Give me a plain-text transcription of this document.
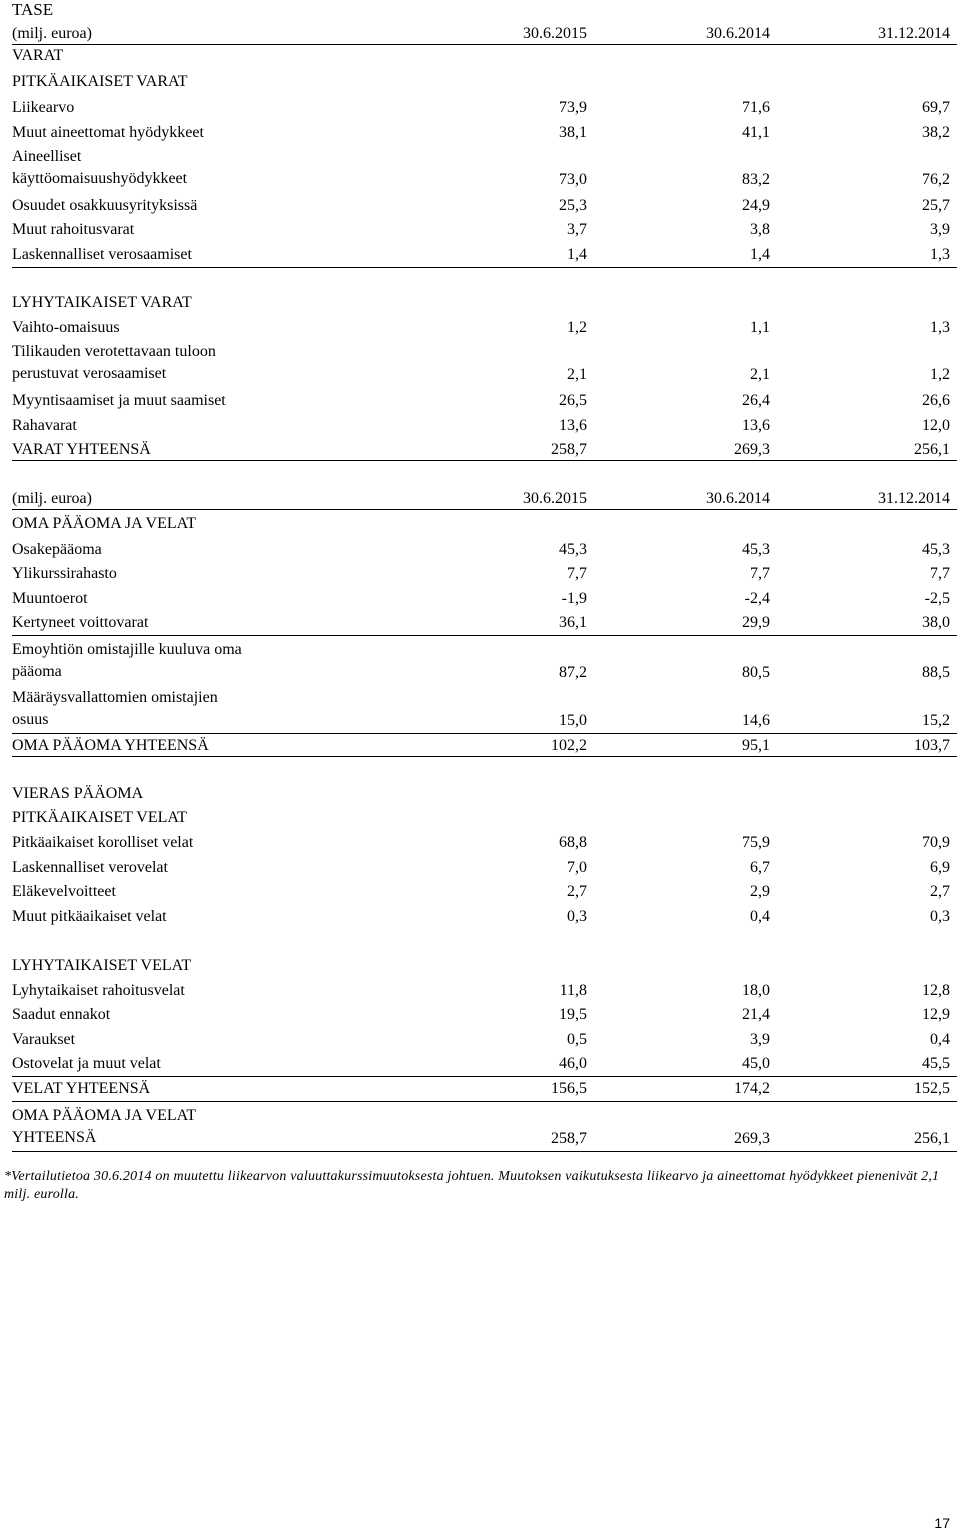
TASE
(milj. euroa)	30.6.2015	30.6.2014	31.12.2014
VARAT
PITKÄAIKAISET VARAT
Liikearvo	73,9	71,6	69,7
Muut aineettomat hyödykkeet	38,1	41,1	38,2
Aineelliset
käyttöomaisuushyödykkeet	73,0	83,2	76,2
Osuudet osakkuusyrityksissä	25,3	24,9	25,7
Muut rahoitusvarat	3,7	3,8	3,9
Laskennalliset verosaamiset	1,4	1,4	1,3
LYHYTAIKAISET VARAT
Vaihto-omaisuus	1,2	1,1	1,3
Tilikauden verotettavaan tuloon
perustuvat verosaamiset	2,1	2,1	1,2
Myyntisaamiset ja muut saamiset	26,5	26,4	26,6
Rahavarat	13,6	13,6	12,0
VARAT YHTEENSÄ	258,7	269,3	256,1
(milj. euroa)	30.6.2015	30.6.2014	31.12.2014
OMA PÄÄOMA JA VELAT
Osakepääoma	45,3	45,3	45,3
Ylikurssirahasto	7,7	7,7	7,7
Muuntoerot	-1,9	-2,4	-2,5
Kertyneet voittovarat	36,1	29,9	38,0
Emoyhtiön omistajille kuuluva oma
pääoma	87,2	80,5	88,5
Määräysvallattomien omistajien
osuus	15,0	14,6	15,2
OMA PÄÄOMA YHTEENSÄ	102,2	95,1	103,7
VIERAS PÄÄOMA
PITKÄAIKAISET VELAT
Pitkäaikaiset korolliset velat	68,8	75,9	70,9
Laskennalliset verovelat	7,0	6,7	6,9
Eläkevelvoitteet	2,7	2,9	2,7
Muut pitkäaikaiset velat	0,3	0,4	0,3
LYHYTAIKAISET VELAT
Lyhytaikaiset rahoitusvelat	11,8	18,0	12,8
Saadut ennakot	19,5	21,4	12,9
Varaukset	0,5	3,9	0,4
Ostovelat ja muut velat	46,0	45,0	45,5
VELAT YHTEENSÄ	156,5	174,2	152,5
OMA PÄÄOMA JA VELAT
YHTEENSÄ	258,7	269,3	256,1
*Vertailutietoa 30.6.2014 on muutettu liikearvon valuuttakurssimuutoksesta johtuen. Muutoksen vaikutuksesta liikearvo ja aineettomat hyödykkeet pienenivät 2,1 milj. eurolla.
17
